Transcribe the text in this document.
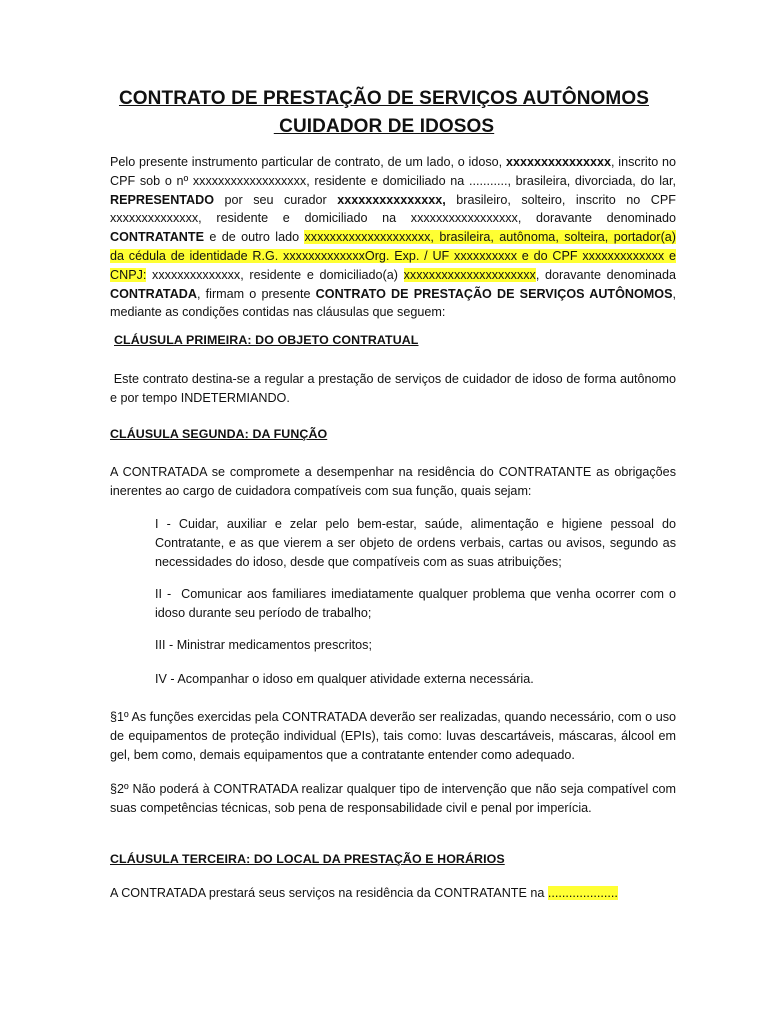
CONTRATO DE PRESTAÇÃO DE SERVIÇOS AUTÔNOMOS
CUIDADOR DE IDOSOS
Pelo presente instrumento particular de contrato, de um lado, o idoso, xxxxxxxxxxxxxxx, inscrito no CPF sob o nº xxxxxxxxxxxxxxxxxx, residente e domiciliado na ..........., brasileira, divorciada, do lar, REPRESENTADO por seu curador xxxxxxxxxxxxxxx, brasileiro, solteiro, inscrito no CPF xxxxxxxxxxxxxx, residente e domiciliado na xxxxxxxxxxxxxxxxx, doravante denominado CONTRATANTE e de outro lado xxxxxxxxxxxxxxxxxxxx, brasileira, autônoma, solteira, portador(a) da cédula de identidade R.G. xxxxxxxxxxxxxOrg. Exp. / UF xxxxxxxxxx e do CPF xxxxxxxxxxxxx e CNPJ: xxxxxxxxxxxxxx, residente e domiciliado(a) xxxxxxxxxxxxxxxxxxxxx, doravante denominada CONTRATADA, firmam o presente CONTRATO DE PRESTAÇÃO DE SERVIÇOS AUTÔNOMOS, mediante as condições contidas nas cláusulas que seguem:
CLÁUSULA PRIMEIRA: DO OBJETO CONTRATUAL
Este contrato destina-se a regular a prestação de serviços de cuidador de idoso de forma autônomo e por tempo INDETERMIANDO.
CLÁUSULA SEGUNDA: DA FUNÇÃO
A CONTRATADA se compromete a desempenhar na residência do CONTRATANTE as obrigações inerentes ao cargo de cuidadora compatíveis com sua função, quais sejam:
I - Cuidar, auxiliar e zelar pelo bem-estar, saúde, alimentação e higiene pessoal do Contratante, e as que vierem a ser objeto de ordens verbais, cartas ou avisos, segundo as necessidades do idoso, desde que compatíveis com as suas atribuições;
II -  Comunicar aos familiares imediatamente qualquer problema que venha ocorrer com o idoso durante seu período de trabalho;
III - Ministrar medicamentos prescritos;
IV - Acompanhar o idoso em qualquer atividade externa necessária.
§1º As funções exercidas pela CONTRATADA deverão ser realizadas, quando necessário, com o uso de equipamentos de proteção individual (EPIs), tais como: luvas descartáveis, máscaras, álcool em gel, bem como, demais equipamentos que a contratante entender como adequado.
§2º Não poderá à CONTRATADA realizar qualquer tipo de intervenção que não seja compatível com suas competências técnicas, sob pena de responsabilidade civil e penal por imperícia.
CLÁUSULA TERCEIRA: DO LOCAL DA PRESTAÇÃO E HORÁRIOS
A CONTRATADA prestará seus serviços na residência da CONTRATANTE na ....................
